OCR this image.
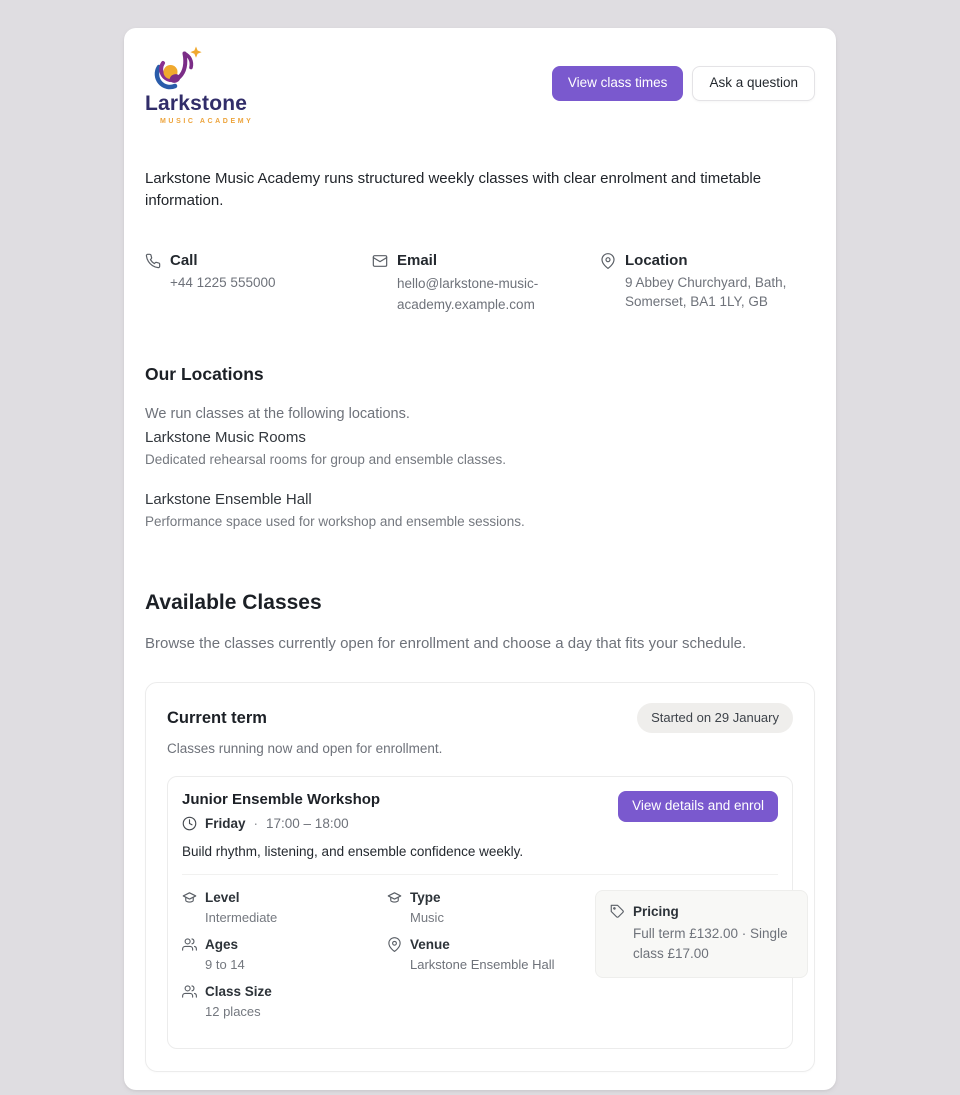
Larkstone
MUSIC ACADEMY
View class times	Ask a question

Larkstone Music Academy runs structured weekly classes with clear enrolment and timetable information.

Call
+44 1225 555000
Email
hello@larkstone-music-academy.example.com
Location
9 Abbey Churchyard, Bath, Somerset, BA1 1LY, GB
Our Locations

We run classes at the following locations.

Larkstone Music Rooms
Dedicated rehearsal rooms for group and ensemble classes.
Larkstone Ensemble Hall
Performance space used for workshop and ensemble sessions.
Available Classes

Browse the classes currently open for enrollment and choose a day that fits your schedule.

Current term	Started on 29 January
Classes running now and open for enrollment.
Junior Ensemble Workshop
Friday · 17:00 – 18:00
View details and enrol
Build rhythm, listening, and ensemble confidence weekly.
Level
Intermediate
Ages
9 to 14
Class Size
12 places
Type
Music
Venue
Larkstone Ensemble Hall
Pricing
Full term £132.00 · Single class £17.00
